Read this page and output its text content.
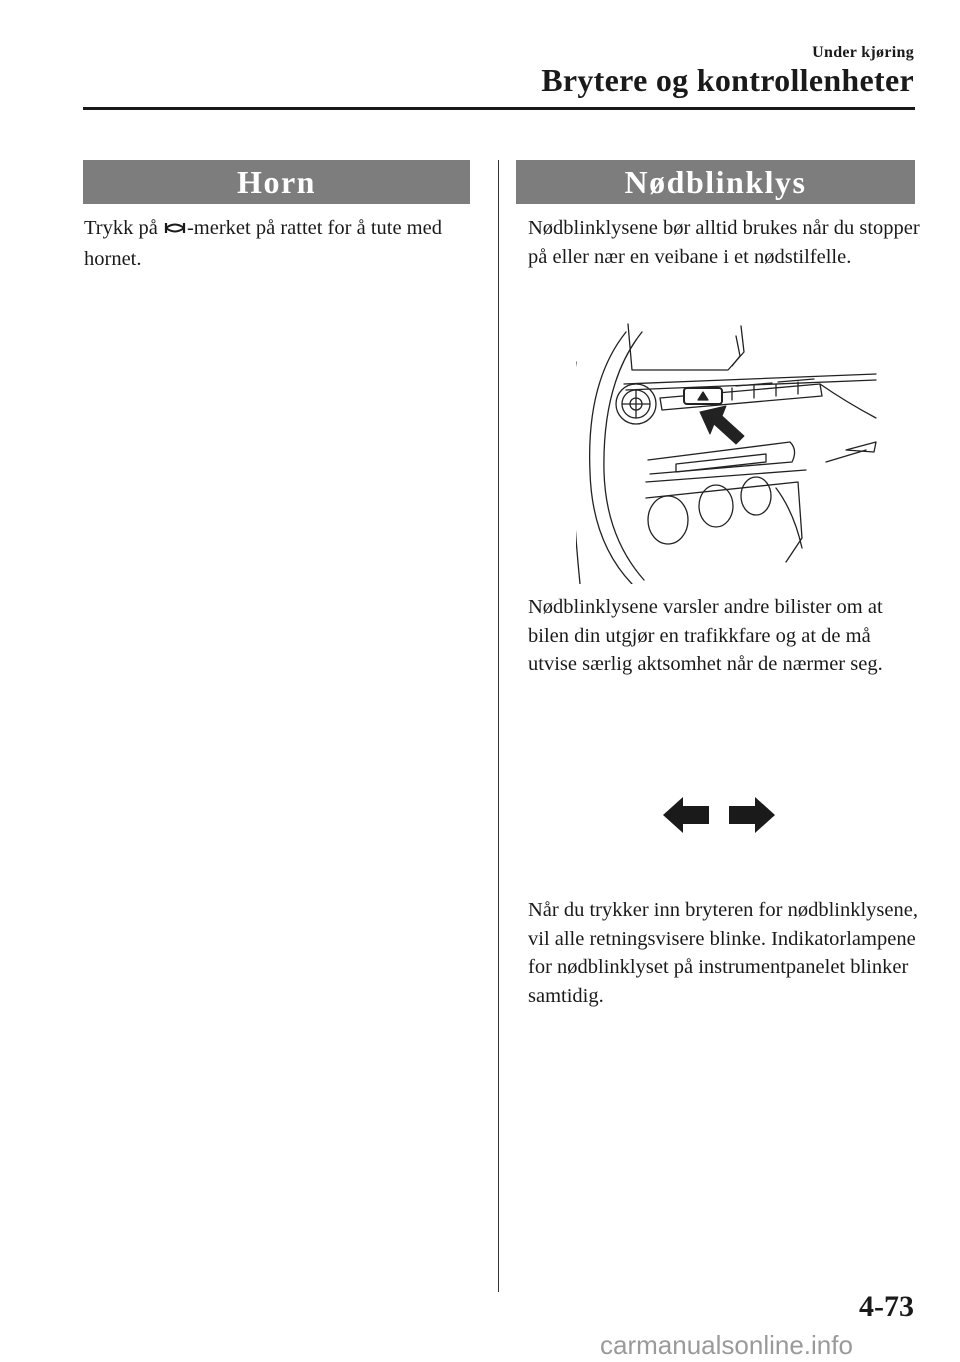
Under kjøring
Brytere og kontrollenheter
Horn

Trykk på -merket på rattet for å tute med hornet.

Nødblinklys

Nødblinklysene bør alltid brukes når du stopper på eller nær en veibane i et nødstilfelle.

Nødblinklysene varsler andre bilister om at bilen din utgjør en trafikkfare og at de må utvise særlig aktsomhet når de nærmer seg.

Når du trykker inn bryteren for nødblinklysene, vil alle retningsvisere blinke. Indikatorlampene for nødblinklyset på instrumentpanelet blinker samtidig.

4-73
carmanualsonline.info
